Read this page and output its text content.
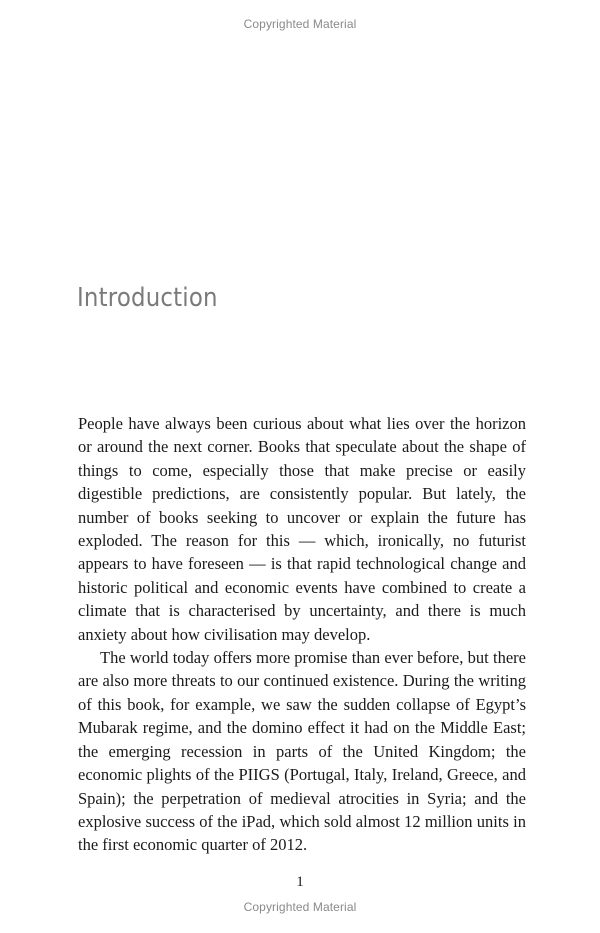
Copyrighted Material
Introduction

People have always been curious about what lies over the horizon or around the next corner. Books that speculate about the shape of things to come, especially those that make precise or easily digestible predictions, are consistently popular. But lately, the number of books seeking to uncover or explain the future has exploded. The reason for this — which, ironically, no futurist appears to have foreseen — is that rapid technological change and historic political and economic events have combined to create a climate that is characterised by uncertainty, and there is much anxiety about how civilisation may develop.

The world today offers more promise than ever before, but there are also more threats to our continued existence. During the writing of this book, for example, we saw the sudden collapse of Egypt’s Mubarak regime, and the domino effect it had on the Middle East; the emerging recession in parts of the United Kingdom; the economic plights of the PIIGS (Portugal, Italy, Ireland, Greece, and Spain); the perpetration of medieval atrocities in Syria; and the explosive success of the iPad, which sold almost 12 million units in the first economic quarter of 2012.

1
Copyrighted Material
